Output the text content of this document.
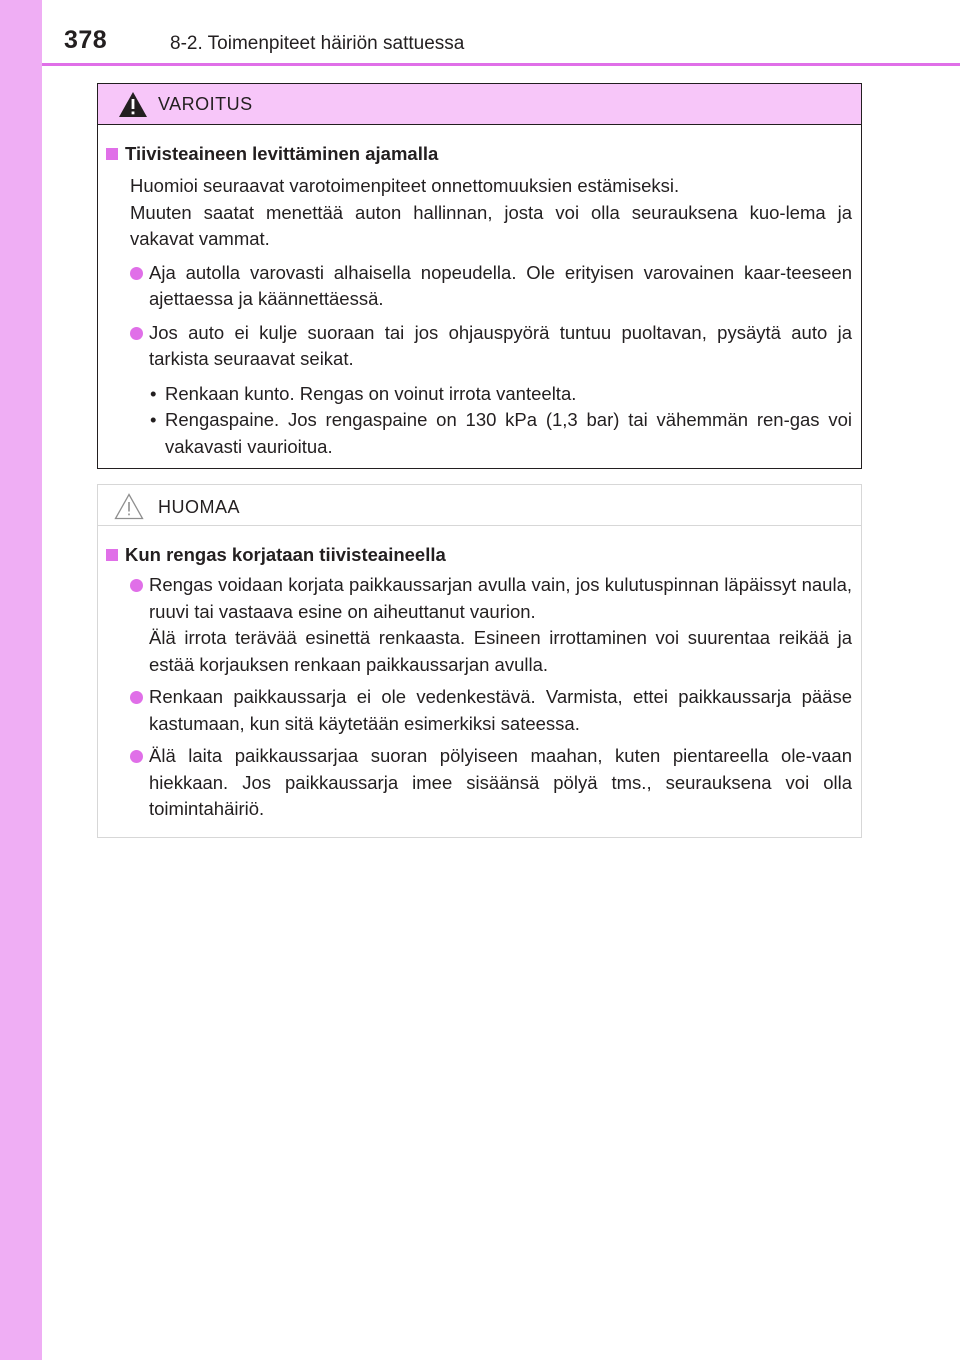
378	8-2. Toimenpiteet häiriön sattuessa
VAROITUS
Tiivisteaineen levittäminen ajamalla
Huomioi seuraavat varotoimenpiteet onnettomuuksien estämiseksi.
Muuten saatat menettää auton hallinnan, josta voi olla seurauksena kuo-lema ja vakavat vammat.
Aja autolla varovasti alhaisella nopeudella. Ole erityisen varovainen kaar-teeseen ajettaessa ja käännettäessä.
Jos auto ei kulje suoraan tai jos ohjauspyörä tuntuu puoltavan, pysäytä auto ja tarkista seuraavat seikat.
• Renkaan kunto. Rengas on voinut irrota vanteelta.
• Rengaspaine. Jos rengaspaine on 130 kPa (1,3 bar) tai vähemmän ren-gas voi vakavasti vaurioitua.
HUOMAA
Kun rengas korjataan tiivisteaineella
Rengas voidaan korjata paikkaussarjan avulla vain, jos kulutuspinnan läpäissyt naula, ruuvi tai vastaava esine on aiheuttanut vaurion.
Älä irrota terävää esinettä renkaasta. Esineen irrottaminen voi suurentaa reikää ja estää korjauksen renkaan paikkaussarjan avulla.
Renkaan paikkaussarja ei ole vedenkestävä. Varmista, ettei paikkaussarja pääse kastumaan, kun sitä käytetään esimerkiksi sateessa.
Älä laita paikkaussarjaa suoran pölyiseen maahan, kuten pientareella ole-vaan hiekkaan. Jos paikkaussarja imee sisäänsä pölyä tms., seurauksena voi olla toimintahäiriö.
